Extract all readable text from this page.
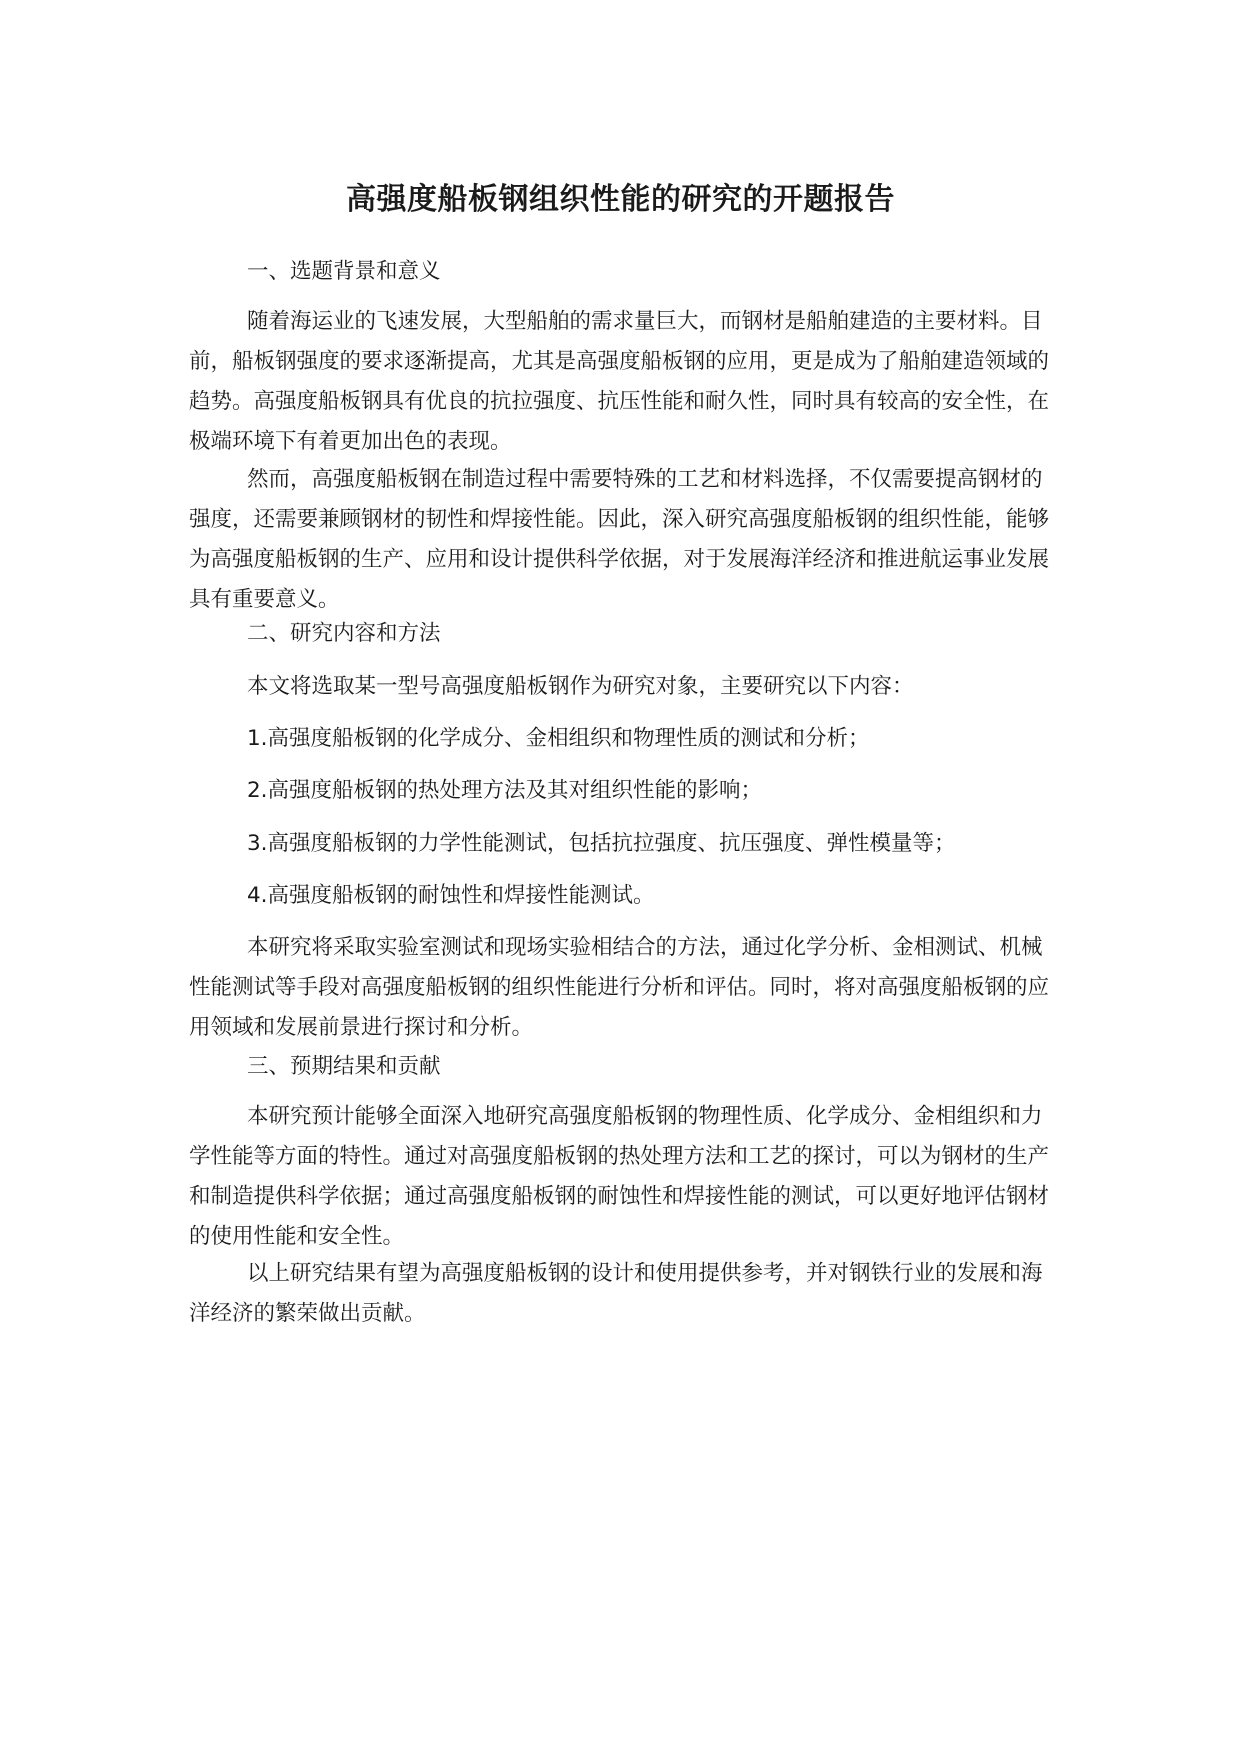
高强度船板钢组织性能的研究的开题报告

一、选题背景和意义

随着海运业的飞速发展，大型船舶的需求量巨大，而钢材是船舶建造的主要材料。目前，船板钢强度的要求逐渐提高，尤其是高强度船板钢的应用，更是成为了船舶建造领域的趋势。高强度船板钢具有优良的抗拉强度、抗压性能和耐久性，同时具有较高的安全性，在极端环境下有着更加出色的表现。

然而，高强度船板钢在制造过程中需要特殊的工艺和材料选择，不仅需要提高钢材的强度，还需要兼顾钢材的韧性和焊接性能。因此，深入研究高强度船板钢的组织性能，能够为高强度船板钢的生产、应用和设计提供科学依据，对于发展海洋经济和推进航运事业发展具有重要意义。

二、研究内容和方法

本文将选取某一型号高强度船板钢作为研究对象，主要研究以下内容：

1.高强度船板钢的化学成分、金相组织和物理性质的测试和分析；

2.高强度船板钢的热处理方法及其对组织性能的影响；

3.高强度船板钢的力学性能测试，包括抗拉强度、抗压强度、弹性模量等；

4.高强度船板钢的耐蚀性和焊接性能测试。

本研究将采取实验室测试和现场实验相结合的方法，通过化学分析、金相测试、机械性能测试等手段对高强度船板钢的组织性能进行分析和评估。同时，将对高强度船板钢的应用领域和发展前景进行探讨和分析。

三、预期结果和贡献

本研究预计能够全面深入地研究高强度船板钢的物理性质、化学成分、金相组织和力学性能等方面的特性。通过对高强度船板钢的热处理方法和工艺的探讨，可以为钢材的生产和制造提供科学依据；通过高强度船板钢的耐蚀性和焊接性能的测试，可以更好地评估钢材的使用性能和安全性。

以上研究结果有望为高强度船板钢的设计和使用提供参考，并对钢铁行业的发展和海洋经济的繁荣做出贡献。
